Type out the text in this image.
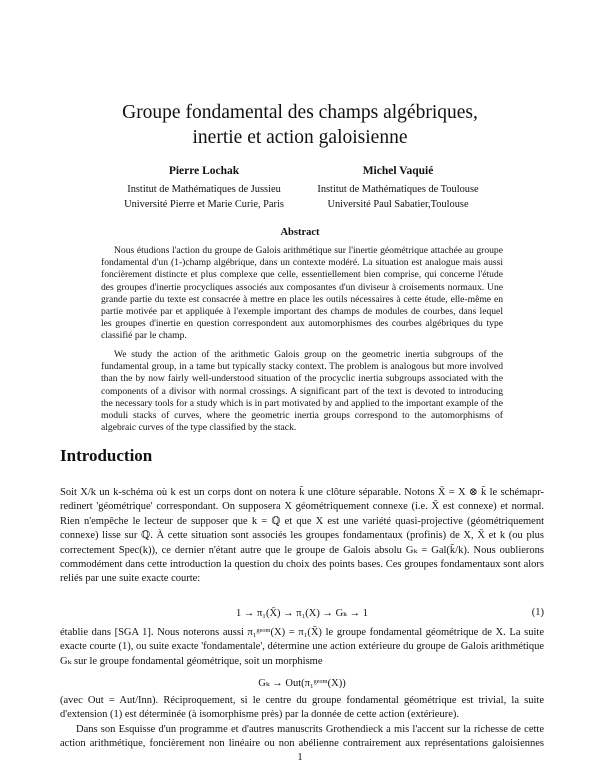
Groupe fondamental des champs algébriques,
inertie et action galoisienne
Pierre Lochak
Institut de Mathématiques de Jussieu
Université Pierre et Marie Curie, Paris
Michel Vaquié
Institut de Mathématiques de Toulouse
Université Paul Sabatier,Toulouse
Abstract

Nous étudions l'action du groupe de Galois arithmétique sur l'inertie géométrique attachée au groupe fondamental d'un (1-)champ algébrique, dans un contexte modéré. La situation est analogue mais aussi foncièrement distincte et plus complexe que celle, essentiellement bien comprise, qui concerne l'étude des groupes d'inertie procycliques associés aux composantes d'un diviseur à croisements normaux. Une grande partie du texte est consacrée à mettre en place les outils nécessaires à cette étude, elle-même en partie motivée par et appliquée à l'exemple important des champs de modules de courbes, dans lequel les groupes d'inertie en question correspondent aux automorphismes des courbes algébriques du type classifié par le champ.

We study the action of the arithmetic Galois group on the geometric inertia subgroups of the fundamental group, in a tame but typically stacky context. The problem is analogous but more involved than the by now fairly well-understood situation of the procyclic inertia subgroups associated with the components of a divisor with normal crossings. A significant part of the text is devoted to introducing the necessary tools for a study which is in part motivated by and applied to the important example of the moduli stacks of curves, where the geometric inertia groups correspond to the automorphisms of algebraic curves of the type classified by the stack.

Introduction

Soit X/k un k-schéma où k est un corps dont on notera k̄ une clôture séparable. Notons X̄ = X ⊗ k̄ le schémapr-redinert 'géométrique' correspondant. On supposera X géométriquement connexe (i.e. X̄ est connexe) et normal. Rien n'empêche le lecteur de supposer que k = ℚ et que X est une variété quasi-projective (géométriquement connexe) lisse sur ℚ. À cette situation sont associés les groupes fondamentaux (profinis) de X, X̄ et k (ou plus correctement Spec(k)), ce dernier n'étant autre que le groupe de Galois absolu Gₖ = Gal(k̄/k). Nous oublierons commodément dans cette introduction la question du choix des points bases. Ces groupes fondamentaux sont alors reliés par une suite exacte courte:

1 → π₁(X̄) → π₁(X) → Gₖ → 1	(1)

établie dans [SGA 1]. Nous noterons aussi π₁ᵍᵉᵒᵐ(X) = π₁(X̄) le groupe fondamental géométrique de X. La suite exacte courte (1), ou suite exacte 'fondamentale', détermine une action extérieure du groupe de Galois arithmétique Gₖ sur le groupe fondamental géométrique, soit un morphisme

Gₖ → Out(π₁ᵍᵉᵒᵐ(X))

(avec Out = Aut/Inn). Réciproquement, si le centre du groupe fondamental géométrique est trivial, la suite d'extension (1) est déterminée (à isomorphisme près) par la donnée de cette action (extérieure).

Dans son Esquisse d'un programme et d'autres manuscrits Grothendieck a mis l'accent sur la richesse de cette action arithmétique, foncièrement non linéaire ou non abélienne contrairement aux représentations galoisiennes

1
